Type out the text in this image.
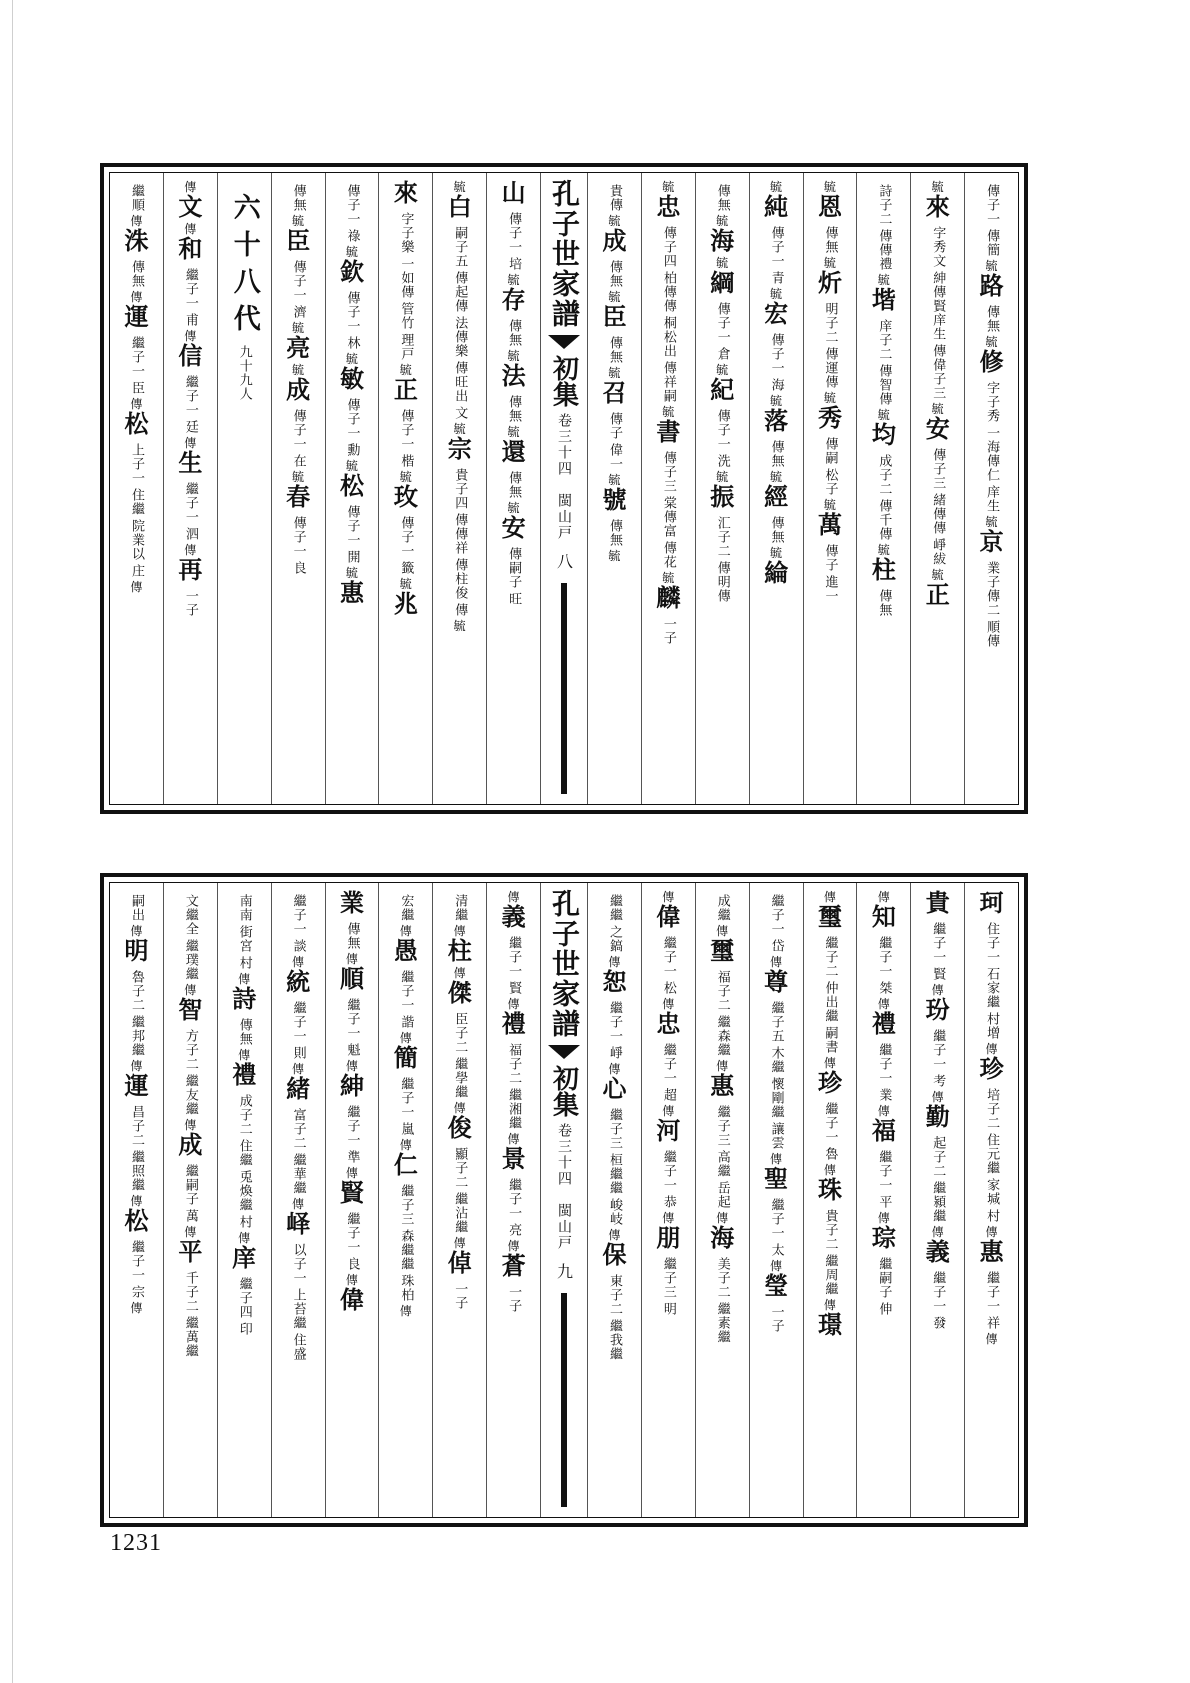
傳子一
傳簡
毓
路
傳無
毓
修
字子秀
一海傳仁
庠生
毓
京
業子傳二
順傳
毓
來
字秀文
紳傳賢庠生
傳偉子三
毓
安
傳子三
緒傳傳
崢紱
毓
正
詩子二
傳傳禮
毓
堦
庠子二
傳智傳
毓
均
成子二
傳千傳
毓
柱
傳無
毓
恩
傳無
毓
炘
明子二
傳運傳
毓
秀
傳嗣
松子
毓
萬
傳子
進一
毓
純
傳子一
青
毓
宏
傳子一
海
毓
落
傳無
毓
經
傳無
毓
綸
傳無
毓
海
毓
綱
傳子一
倉
毓
紀
傳子一
洗
毓
振
汇子二
傳明傳
毓
忠
傳子四
柏傳傳
桐松出
傳祥嗣
毓
書
傳子三
棠傳富
傳花
毓
麟
一子
貴傳
毓
成
傳無
毓
臣
傳無
毓
召
傳子
偉一
毓
號
傳無
毓
孔子世家譜
初集
卷三十四　閩山戸
八
山
傳子一
培
毓
存
傳無
毓
法
傳無
毓
還
傳無
毓
安
傳嗣子
旺
毓
白
嗣子五
傳起傳
法傳樂
傳旺出
文
毓
宗
貴子四
傳傳祥
傳柱俊
傳
毓
來
字子樂
一如傳
管竹
理戸
毓
正
傳子一
楷
毓
玫
傳子一
籤
毓
兆
傳子一
祿
毓
欽
傳子一
林
毓
敏
傳子一
勳
毓
松
傳子一
開
毓
惠
傳無
毓
臣
傳子一
濟
毓
亮
毓
成
傳子一
在
毓
春
傳子一
良
六十八代
九十九人
傳
文
傳
和
繼子一
甫
傳
信
繼子一
廷
傳
生
繼子一
泗
傳
再
一子
繼順
傳
洙
傳無
傳
運
繼子一
臣
傳
松
上子一
住繼
院業以
庄
傳
珂
住子一
石家繼
村增
傳
珍
培子二
住元繼
家堿
村
傳
惠
繼子一
祥
傳
貴
繼子一
賢
傳
玢
繼子一
考
傳
勤
起子二
繼潁繼
傳
義
繼子一
發
傳
知
繼子一
桀
傳
禮
繼子一
業
傳
福
繼子一
平
傳
琮
繼嗣子
伸
傳
璽
繼子二
仲出繼
嗣書
傳
珍
繼子一
魯
傳
珠
貴子二
繼周繼
傳
璟
繼子一
岱
傳
尊
繼子五
木繼
懷剛繼
讓雲
傳
聖
繼子一
太
傳
瑩
一子
成繼
傳
璽
福子二
繼森繼
傳
惠
繼子三
高繼
岳起
傳
海
美子二
繼素繼
傳
偉
繼子一
松
傳
忠
繼子一
超
傳
河
繼子一
恭
傳
朋
繼子三
明
繼繼
之鎬
傳
恕
繼子一
崢
傳
心
繼子三
桓繼繼
峻岐
傳
保
東子二
繼我繼
孔子世家譜
初集
卷三十四　閩山戸
九
傳
義
繼子一
賢
傳
禮
福子二
繼湘繼
傳
景
繼子一
亮
傳
蒼
一子
清繼
傳
柱
傳
傑
臣子二
繼學繼
傳
俊
顯子二
繼沾繼
傳
倬
一子
宏繼
傳
愚
繼子一
諧
傳
簡
繼子一
嵐
傳
仁
繼子三
森繼繼
珠柏
傳
業
傳無
傳
順
繼子一
魁
傳
紳
繼子一
準
傳
賢
繼子一
良
傳
偉
繼子一
談
傳
統
繼子一
則
傳
緒
富子二
繼華繼
傳
峄
以子一
上苔繼
住盛
南南
街宮
村
傳
詩
傳無
傳
禮
成子二
住繼
兎煥繼
村
傳
庠
繼子四
印
文繼全
繼璞繼
傳
智
方子二
繼友繼
傳
成
繼嗣子
萬
傳
平
千子二
繼萬繼
嗣出
傳
明
魯子二
繼邦繼
傳
運
昌子二
繼照繼
傳
松
繼子一
宗
傳
1231
